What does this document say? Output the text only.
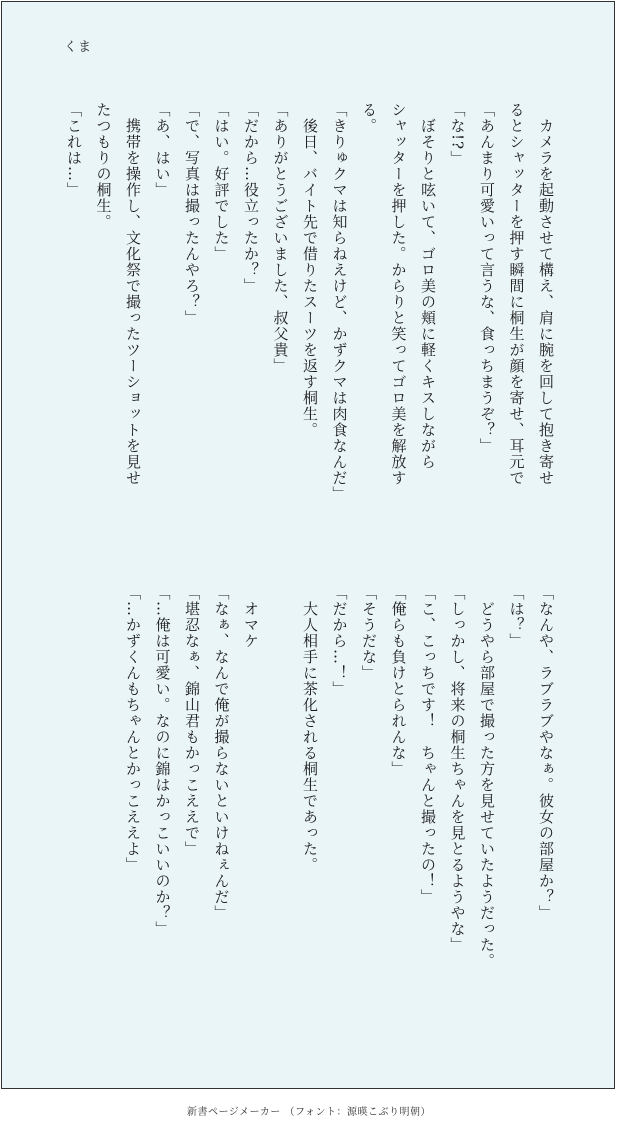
くま
　カメラを起動させて構え、肩に腕を回して抱き寄せ
るとシャッターを押す瞬間に桐生が顔を寄せ、耳元で
「あんまり可愛いって言うな、食っちまうぞ？」
「な!?」
　ぼそりと呟いて、ゴロ美の頬に軽くキスしながら
シャッターを押した。からりと笑ってゴロ美を解放す
る。
「きりゅクマは知らねえけど、かずクマは肉食なんだ」
　後日、バイト先で借りたスーツを返す桐生。
「ありがとうございました、叔父貴」
「だから…役立ったか？」
「はい。好評でした」
「で、写真は撮ったんやろ？」
「あ、はい」
　携帯を操作し、文化祭で撮ったツーショットを見せ
たつもりの桐生。
「これは…」
「なんや、ラブラブやなぁ。彼女の部屋か？」
「は？」
　どうやら部屋で撮った方を見せていたようだった。
「しっかし、将来の桐生ちゃんを見とるようやな」
「こ、こっちです！　ちゃんと撮ったの！」
「俺らも負けとられんな」
「そうだな」
「だから…！」
　大人相手に茶化される桐生であった。

　オマケ
「なぁ、なんで俺が撮らないといけねぇんだ」
「堪忍なぁ、錦山君もかっこええで」
「…俺は可愛い。なのに錦はかっこいいのか？」
「…かずくんもちゃんとかっこええよ」
新書ページメーカー （フォント：源暎こぶり明朝）
